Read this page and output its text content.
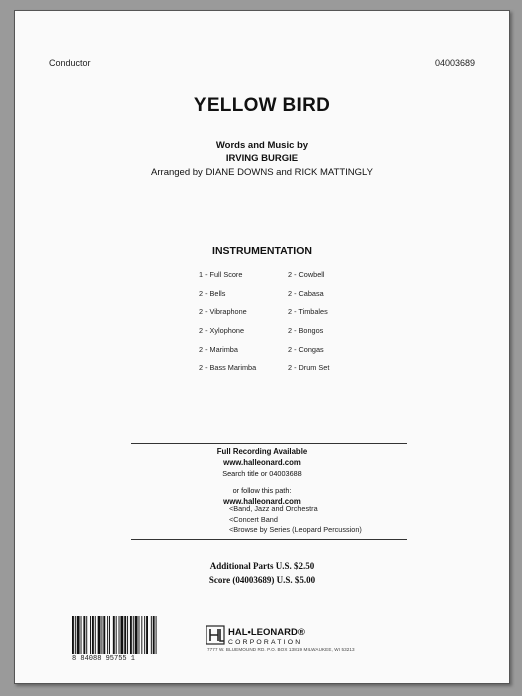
Conductor	04003689
YELLOW BIRD
Words and Music by
IRVING BURGIE
Arranged by DIANE DOWNS and RICK MATTINGLY
INSTRUMENTATION
1 - Full Score
2 - Bells
2 - Vibraphone
2 - Xylophone
2 - Marimba
2 - Bass Marimba
2 - Cowbell
2 - Cabasa
2 - Timbales
2 - Bongos
2 - Congas
2 - Drum Set
Full Recording Available
www.halleonard.com
Search title or 04003688
or follow this path:
www.halleonard.com
<Band, Jazz and Orchestra
<Concert Band
<Browse by Series (Leopard Percussion)
Additional Parts U.S. $2.50
Score (04003689) U.S. $5.00
8 84088 95755 1
HAL•LEONARD®
CORPORATION
7777 W. BLUEMOUND RD. P.O. BOX 13819 MILWAUKEE, WI 53213
